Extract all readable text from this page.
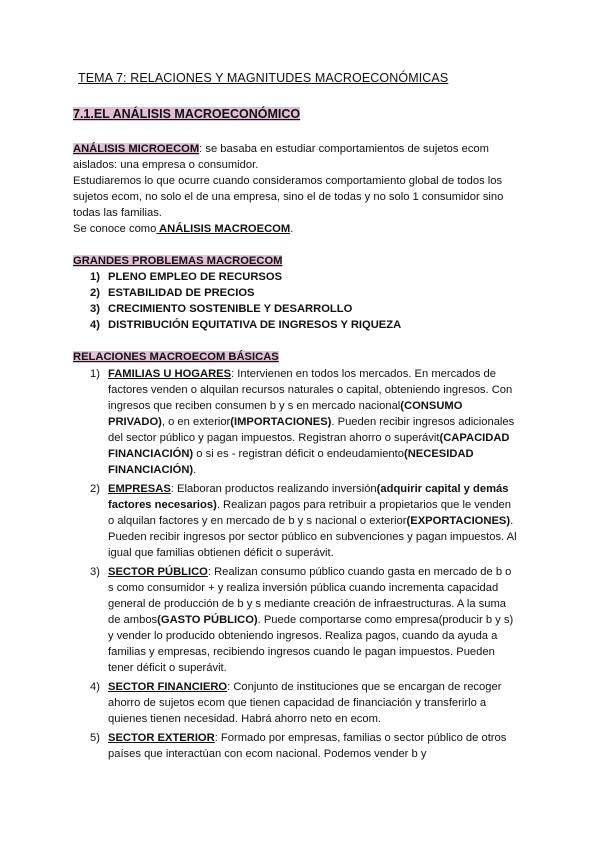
TEMA 7: RELACIONES Y MAGNITUDES MACROECONÓMICAS
7.1.EL ANÁLISIS MACROECONÓMICO
ANÁLISIS MICROECOM: se basaba en estudiar comportamientos de sujetos ecom aislados: una empresa o consumidor.
Estudiaremos lo que ocurre cuando consideramos comportamiento global de todos los sujetos ecom, no solo el de una empresa, sino el de todas y no solo 1 consumidor sino todas las familias.
Se conoce como ANÁLISIS MACROECOM.
GRANDES PROBLEMAS MACROECOM
1) PLENO EMPLEO DE RECURSOS
2) ESTABILIDAD DE PRECIOS
3) CRECIMIENTO SOSTENIBLE Y DESARROLLO
4) DISTRIBUCIÓN EQUITATIVA DE INGRESOS Y RIQUEZA
RELACIONES MACROECOM BÁSICAS
1) FAMILIAS U HOGARES: Intervienen en todos los mercados. En mercados de factores venden o alquilan recursos naturales o capital, obteniendo ingresos. Con ingresos que reciben consumen b y s en mercado nacional(CONSUMO PRIVADO), o en exterior(IMPORTACIONES). Pueden recibir ingresos adicionales del sector público y pagan impuestos. Registran ahorro o superávit(CAPACIDAD FINANCIACIÓN) o si es - registran déficit o endeudamiento(NECESIDAD FINANCIACIÓN).
2) EMPRESAS: Elaboran productos realizando inversión(adquirir capital y demás factores necesarios). Realizan pagos para retribuir a propietarios que le venden o alquilan factores y en mercado de b y s nacional o exterior(EXPORTACIONES). Pueden recibir ingresos por sector público en subvenciones y pagan impuestos. Al igual que familias obtienen déficit o superávit.
3) SECTOR PÚBLICO: Realizan consumo público cuando gasta en mercado de b o s como consumidor + y realiza inversión pública cuando incrementa capacidad general de producción de b y s mediante creación de infraestructuras. A la suma de ambos(GASTO PÚBLICO). Puede comportarse como empresa(producir b y s) y vender lo producido obteniendo ingresos. Realiza pagos, cuando da ayuda a familias y empresas, recibiendo ingresos cuando le pagan impuestos. Pueden tener déficit o superávit.
4) SECTOR FINANCIERO: Conjunto de instituciones que se encargan de recoger ahorro de sujetos ecom que tienen capacidad de financiación y transferirlo a quienes tienen necesidad. Habrá ahorro neto en ecom.
5) SECTOR EXTERIOR: Formado por empresas, familias o sector público de otros países que interactúan con ecom nacional. Podemos vender b y
